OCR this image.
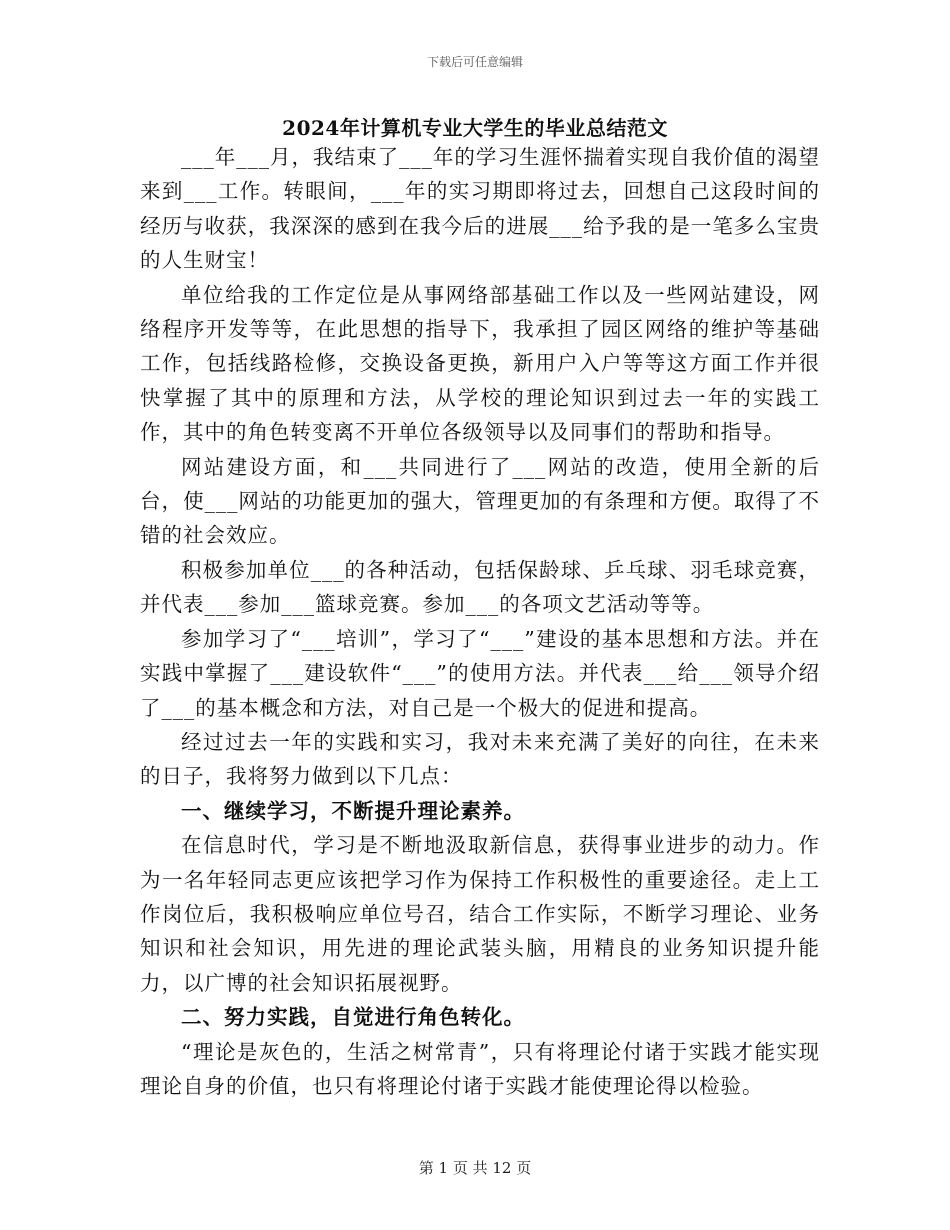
下载后可任意编辑
2024年计算机专业大学生的毕业总结范文

___年___月，我结束了___年的学习生涯怀揣着实现自我价值的渴望来到___工作。转眼间，___年的实习期即将过去，回想自己这段时间的经历与收获，我深深的感到在我今后的进展___给予我的是一笔多么宝贵的人生财宝！

单位给我的工作定位是从事网络部基础工作以及一些网站建设，网络程序开发等等，在此思想的指导下，我承担了园区网络的维护等基础工作，包括线路检修，交换设备更换，新用户入户等等这方面工作并很快掌握了其中的原理和方法，从学校的理论知识到过去一年的实践工作，其中的角色转变离不开单位各级领导以及同事们的帮助和指导。

网站建设方面，和___共同进行了___网站的改造，使用全新的后台，使___网站的功能更加的强大，管理更加的有条理和方便。取得了不错的社会效应。

积极参加单位___的各种活动，包括保龄球、乒乓球、羽毛球竞赛，并代表___参加___篮球竞赛。参加___的各项文艺活动等等。

参加学习了“___培训”，学习了“___”建设的基本思想和方法。并在实践中掌握了___建设软件“___”的使用方法。并代表___给___领导介绍了___的基本概念和方法，对自己是一个极大的促进和提高。

经过过去一年的实践和实习，我对未来充满了美好的向往，在未来的日子，我将努力做到以下几点：

一、继续学习，不断提升理论素养。

在信息时代，学习是不断地汲取新信息，获得事业进步的动力。作为一名年轻同志更应该把学习作为保持工作积极性的重要途径。走上工作岗位后，我积极响应单位号召，结合工作实际，不断学习理论、业务知识和社会知识，用先进的理论武装头脑，用精良的业务知识提升能力，以广博的社会知识拓展视野。

二、努力实践，自觉进行角色转化。

“理论是灰色的，生活之树常青”，只有将理论付诸于实践才能实现理论自身的价值，也只有将理论付诸于实践才能使理论得以检验。

第 1 页 共 12 页
